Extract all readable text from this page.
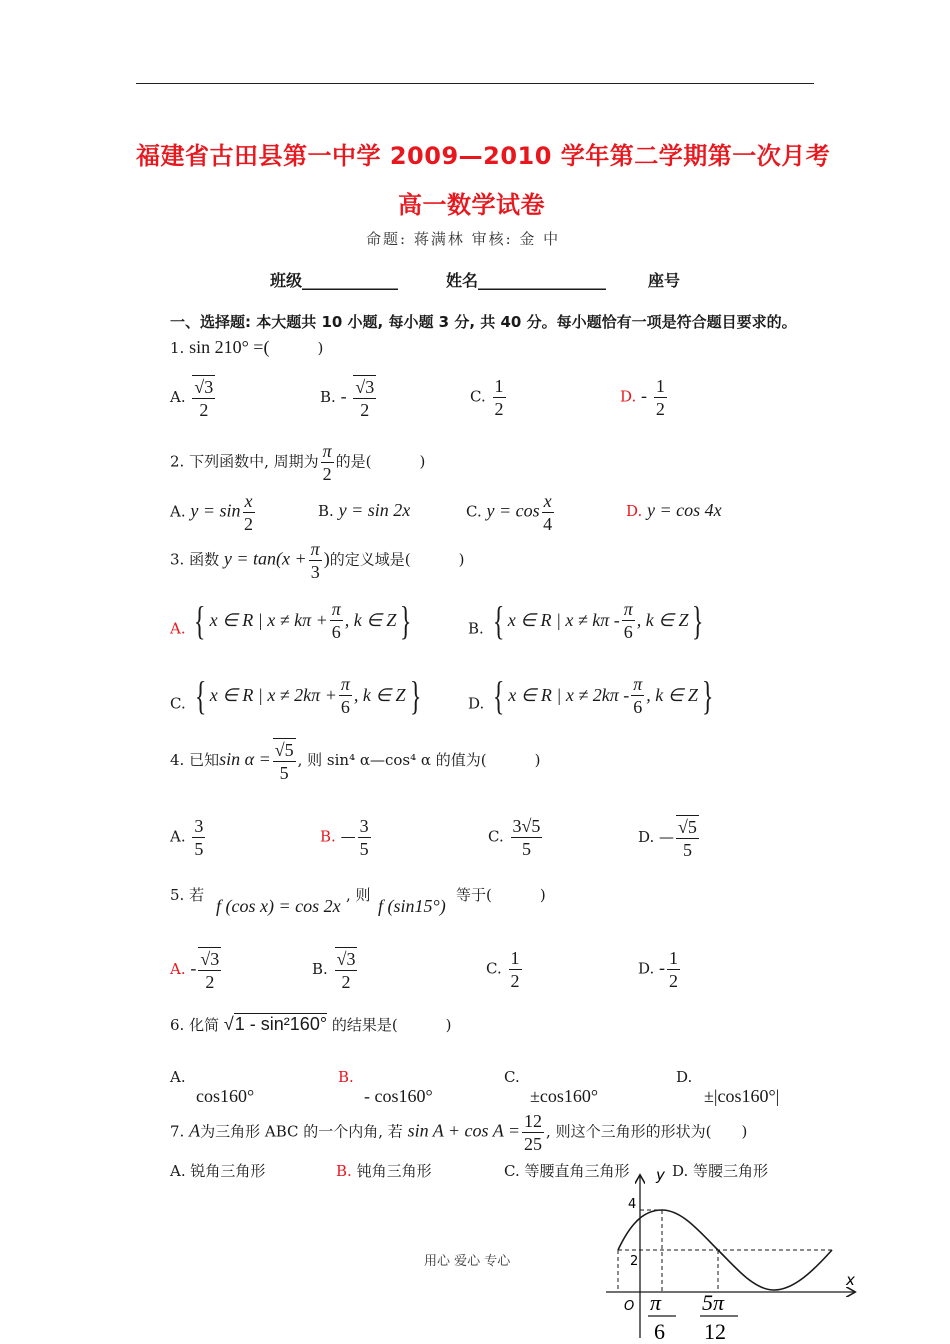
福建省古田县第一中学 2009—2010 学年第二学期第一次月考
高一数学试卷
命题: 蒋满林 审核: 金 中
班级____________	姓名________________	座号
一、选择题: 本大题共 10 小题, 每小题 3 分, 共 40 分。每小题恰有一项是符合题目要求的。
1. sin 210° =(	)
A. $\frac{√3}{2}$	B. - $\frac{√3}{2}$	C. $\frac{1}{2}$	D. - $\frac{1}{2}$
2. 下列函数中, 周期为 $\frac{\pi}{2}$ 的是(	)
A. $y = \sin \frac{x}{2}$	B. y = sin 2x	C. $y = \cos \frac{x}{4}$	D. y = cos 4x
3. 函数 $y = \tan(x + \frac{\pi}{3}$ )的定义域是(	)
A. { x ∈ R | $x \ne k\pi + \frac{\pi}{6}$ , k ∈ Z }	B. { x ∈ R | $x \ne k\pi - \frac{\pi}{6}$ , k ∈ Z }
C. { x ∈ R | $x \ne 2k\pi + \frac{\pi}{6}$ , k ∈ Z }	D. { x ∈ R | $x \ne 2k\pi - \frac{\pi}{6}$ , k ∈ Z }
4. 已知$\sin \alpha = \frac{√5}{5}$ , 则 sin⁴ α—cos⁴ α 的值为(	)
A. $\frac{3}{5}$	B. — $\frac{3}{5}$	C. $\frac{3√5}{5}$	D. — $\frac{√5}{5}$
5. 若
f (cos x) = cos 2x
, 则
f (sin15°)
等于(	)
A. - $\frac{√3}{2}$	B. $\frac{√3}{2}$	C. $\frac{1}{2}$	D. - $\frac{1}{2}$
6. 化简 √1 - sin²160° 的结果是(	)
A.
cos160°
B.
- cos160°
C.
±cos160°
D.
±|cos160°|
7. A为三角形 ABC 的一个内角, 若 $\sin A + \cos A = \frac{12}{25}$ , 则这个三角形的形状为( )
A. 锐角三角形	B. 钝角三角形	C. 等腰直角三角形	D. 等腰三角形
y
x
O
4
2
π
6
5π
12
用心 爱心 专心
